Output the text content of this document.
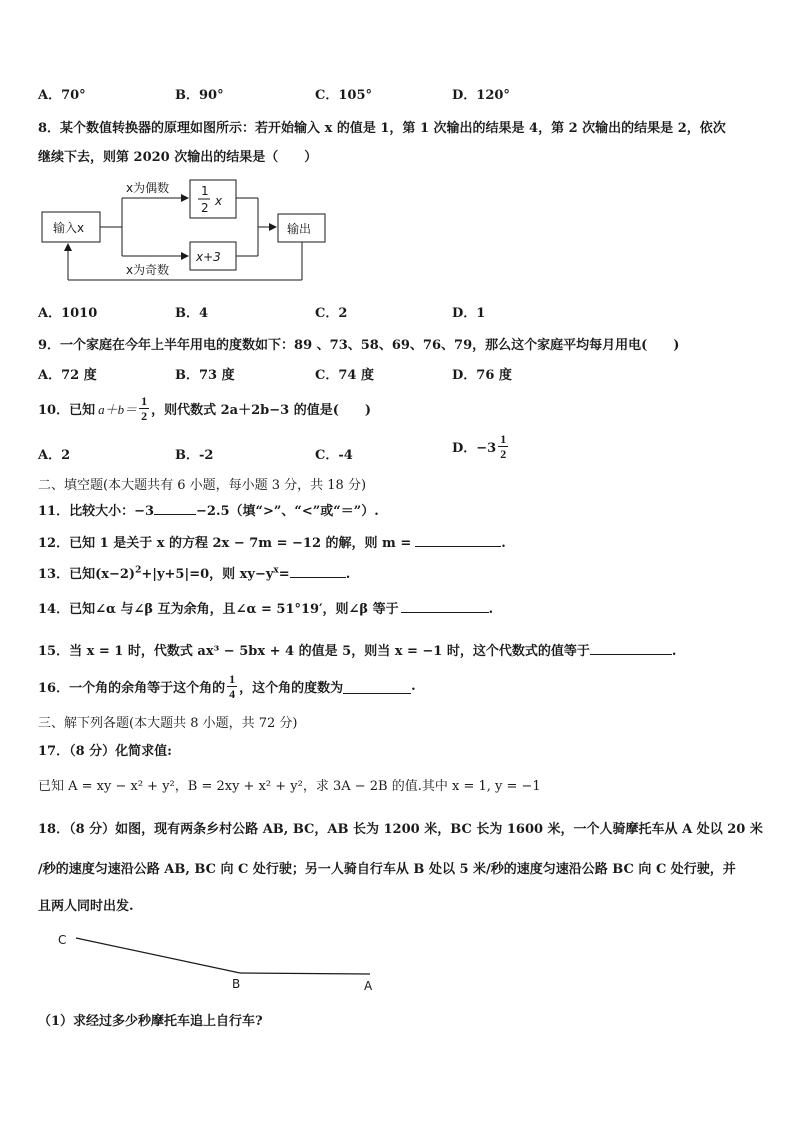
A．70°	B．90°	C．105°	D．120°
8．某个数值转换器的原理如图所示：若开始输入 x 的值是 1，第 1 次输出的结果是 4，第 2 次输出的结果是 2，依次
继续下去，则第 2020 次输出的结果是（　　）
输入x
x为偶数
x为奇数
1
2 x
x+3
输出
A．1010	B．4	C．2	D．1
9．一个家庭在今年上半年用电的度数如下：89 、73、58、69、76、79，那么这个家庭平均每月用电(　　)
A．72 度	B．73 度	C．74 度	D．76 度
10．已知 $a+b= \frac{1}{2}$ ，则代数式 2a＋2b−3 的值是(　　)
A．2	B．-2	C．-4	D．$-3 \frac{1}{2}$
二、填空题(本大题共有 6 小题，每小题 3 分，共 18 分)
11．比较大小：−3	−2.5（填“>”、“<”或“＝”）.
12．已知 1 是关于 x 的方程 2x − 7m = −12 的解，则 m =	.
13．已知$(x-2)^2+|y+5|=0$，则 $xy-y^x=$	.
14．已知∠α 与∠β 互为余角，且∠α = 51°19′，则∠β 等于	.
15．当 x = 1 时，代数式 ax³ − 5bx + 4 的值是 5，则当 x = −1 时，这个代数式的值等于	.
16．一个角的余角等于这个角的 $\frac{1}{4}$ ，这个角的度数为	.
三、解下列各题(本大题共 8 小题，共 72 分)
17．（8 分）化简求值:
已知 A = xy − x² + y²，B = 2xy + x² + y²，求 3A − 2B 的值.其中 x = 1, y = −1
18．（8 分）如图，现有两条乡村公路 AB, BC，AB 长为 1200 米，BC 长为 1600 米，一个人骑摩托车从 A 处以 20 米
/秒的速度匀速沿公路 AB, BC 向 C 处行驶；另一人骑自行车从 B 处以 5 米/秒的速度匀速沿公路 BC 向 C 处行驶，并
且两人同时出发.
C
B	A
（1）求经过多少秒摩托车追上自行车?
